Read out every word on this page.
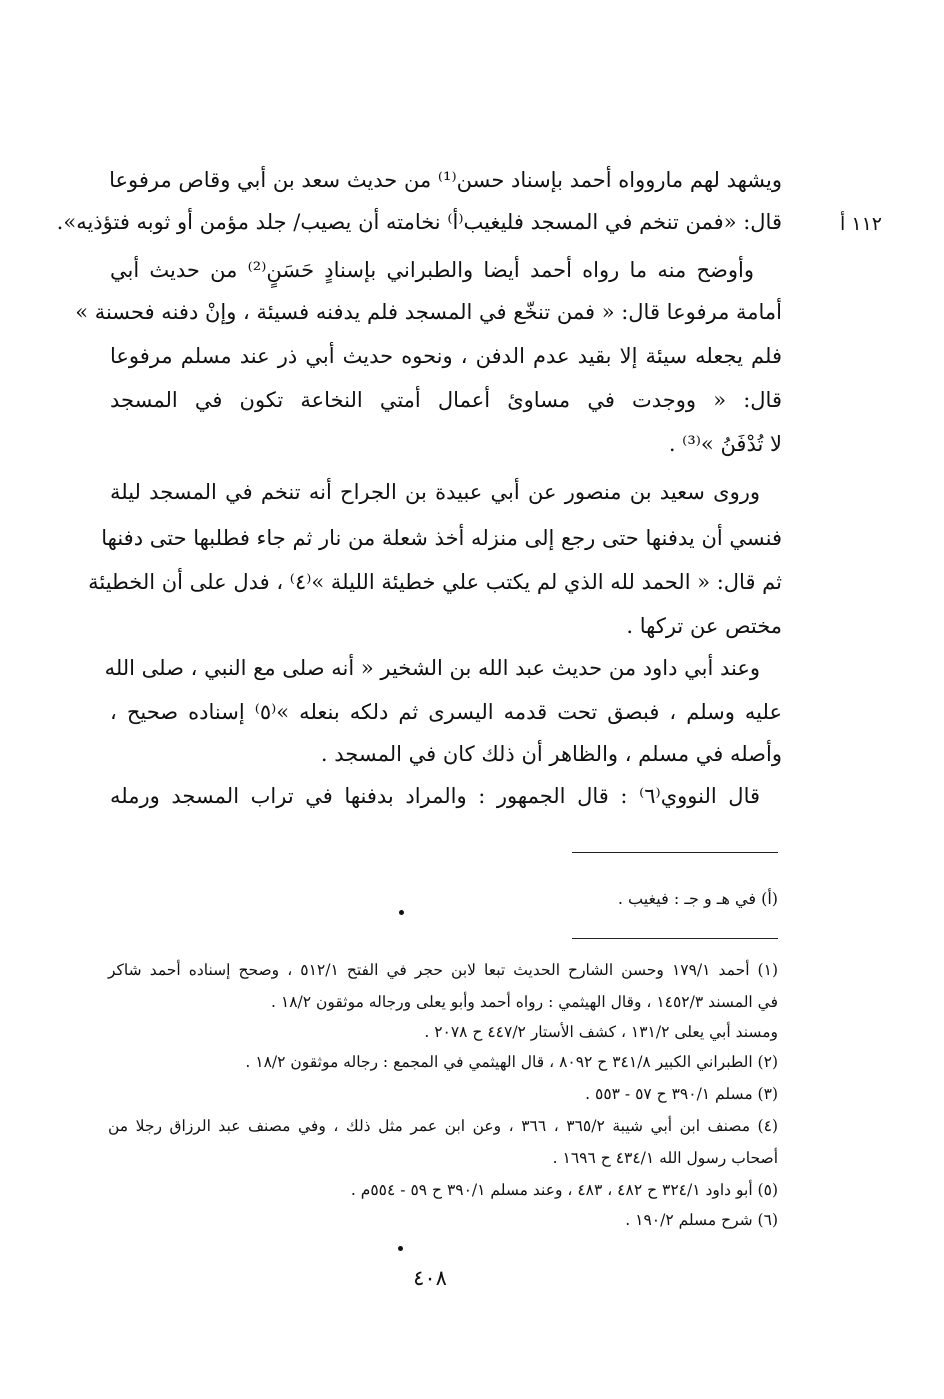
١١٢ أ
ويشهد لهم ماروواه أحمد بإسناد حسن⁽¹⁾ من حديث سعد بن أبي وقاص مرفوعا
قال: «فمن تنخم في المسجد فليغيب⁽أ⁾ نخامته أن يصيب/ جلد مؤمن أو ثوبه فتؤذيه».
وأوضح منه ما رواه أحمد أيضا والطبراني بإسنادٍ حَسَنٍ⁽²⁾ من حديث أبي
أمامة مرفوعا قال: « فمن تنخّع في المسجد فلم يدفنه فسيئة ، وإنْ دفنه فحسنة »
فلم يجعله سيئة إلا بقيد عدم الدفن ، ونحوه حديث أبي ذر عند مسلم مرفوعا
قال: « ووجدت في مساوئ أعمال أمتي النخاعة تكون في المسجد
لا تُدْفَنُ »⁽³⁾ .
وروى سعيد بن منصور عن أبي عبيدة بن الجراح أنه تنخم في المسجد ليلة
فنسي أن يدفنها حتى رجع إلى منزله أخذ شعلة من نار ثم جاء فطلبها حتى دفنها
ثم قال: « الحمد لله الذي لم يكتب علي خطيئة الليلة »⁽٤⁾ ، فدل على أن الخطيئة
مختص عن تركها .
وعند أبي داود من حديث عبد الله بن الشخير « أنه صلى مع النبي ، صلى الله
عليه وسلم ، فبصق تحت قدمه اليسرى ثم دلكه بنعله »⁽٥⁾ إسناده صحيح ،
وأصله في مسلم ، والظاهر أن ذلك كان في المسجد .
قال النووي⁽٦⁾ : قال الجمهور : والمراد بدفنها في تراب المسجد ورمله
(أ) في هـ و جـ : فيغيب .
(١) أحمد ١٧٩/١ وحسن الشارح الحديث تبعا لابن حجر في الفتح ٥١٢/١ ، وصحح إسناده أحمد شاكر
في المسند ١٤٥٢/٣ ، وقال الهيثمي : رواه أحمد وأبو يعلى ورجاله موثقون ١٨/٢ .
ومسند أبي يعلى ١٣١/٢ ، كشف الأستار ٤٤٧/٢ ح ٢٠٧٨ .
(٢) الطبراني الكبير ٣٤١/٨ ح ٨٠٩٢ ، قال الهيثمي في المجمع : رجاله موثقون ١٨/٢ .
(٣) مسلم ٣٩٠/١ ح ٥٧ - ٥٥٣ .
(٤) مصنف ابن أبي شيبة ٣٦٥/٢ ، ٣٦٦ ، وعن ابن عمر مثل ذلك ، وفي مصنف عبد الرزاق رجلا من
أصحاب رسول الله ٤٣٤/١ ح ١٦٩٦ .
(٥) أبو داود ٣٢٤/١ ح ٤٨٢ ، ٤٨٣ ، وعند مسلم ٣٩٠/١ ح ٥٩ - ٥٥٤م .
(٦) شرح مسلم ١٩٠/٢ .
٤٠٨
